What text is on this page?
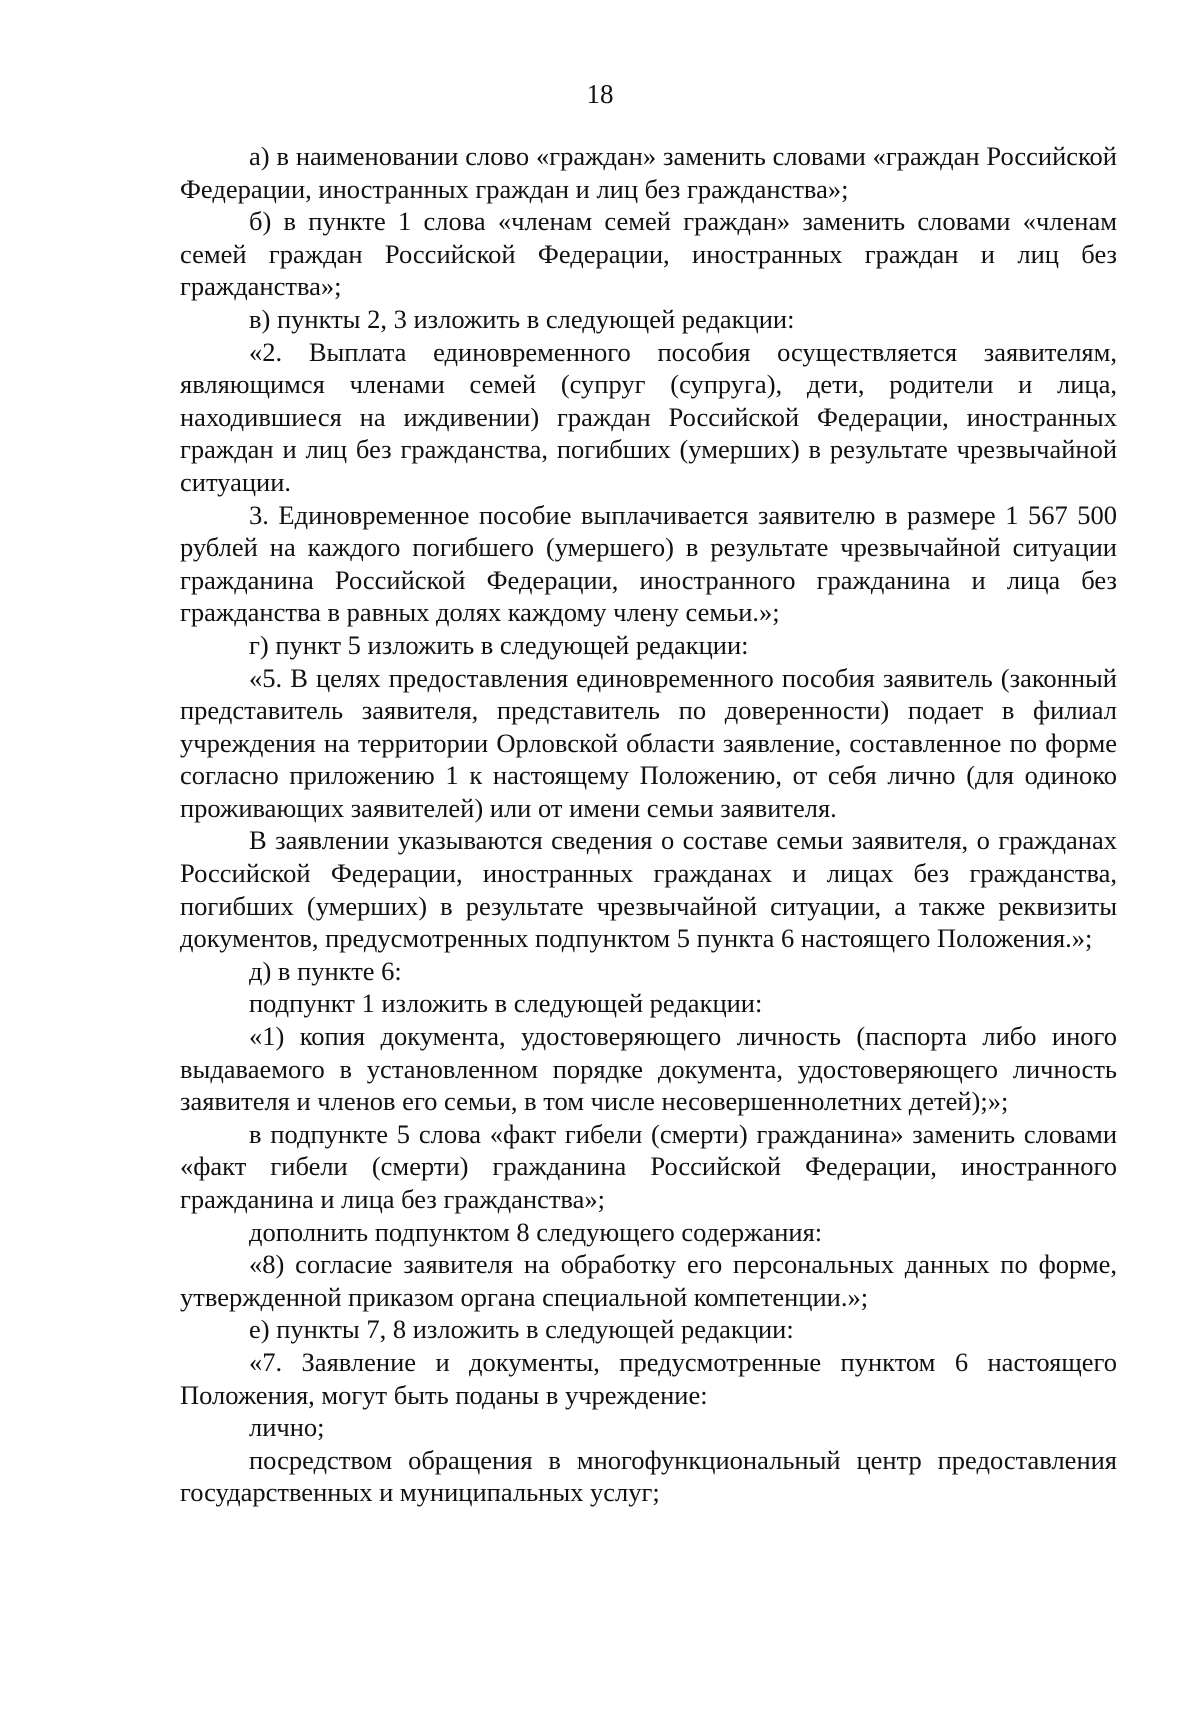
18

а) в наименовании слово «граждан» заменить словами «граждан Российской Федерации, иностранных граждан и лиц без гражданства»;

б) в пункте 1 слова «членам семей граждан» заменить словами «членам семей граждан Российской Федерации, иностранных граждан и лиц без гражданства»;

в) пункты 2, 3 изложить в следующей редакции:

«2. Выплата единовременного пособия осуществляется заявителям, являющимся членами семей (супруг (супруга), дети, родители и лица, находившиеся на иждивении) граждан Российской Федерации, иностранных граждан и лиц без гражданства, погибших (умерших) в результате чрезвычайной ситуации.

3. Единовременное пособие выплачивается заявителю в размере 1 567 500 рублей на каждого погибшего (умершего) в результате чрезвычайной ситуации гражданина Российской Федерации, иностранного гражданина и лица без гражданства в равных долях каждому члену семьи.»;

г) пункт 5 изложить в следующей редакции:

«5. В целях предоставления единовременного пособия заявитель (законный представитель заявителя, представитель по доверенности) подает в филиал учреждения на территории Орловской области заявление, составленное по форме согласно приложению 1 к настоящему Положению, от себя лично (для одиноко проживающих заявителей) или от имени семьи заявителя.

В заявлении указываются сведения о составе семьи заявителя, о гражданах Российской Федерации, иностранных гражданах и лицах без гражданства, погибших (умерших) в результате чрезвычайной ситуации, а также реквизиты документов, предусмотренных подпунктом 5 пункта 6 настоящего Положения.»;

д) в пункте 6:

подпункт 1 изложить в следующей редакции:

«1) копия документа, удостоверяющего личность (паспорта либо иного выдаваемого в установленном порядке документа, удостоверяющего личность заявителя и членов его семьи, в том числе несовершеннолетних детей);»;

в подпункте 5 слова «факт гибели (смерти) гражданина» заменить словами «факт гибели (смерти) гражданина Российской Федерации, иностранного гражданина и лица без гражданства»;

дополнить подпунктом 8 следующего содержания:

«8) согласие заявителя на обработку его персональных данных по форме, утвержденной приказом органа специальной компетенции.»;

е) пункты 7, 8 изложить в следующей редакции:

«7. Заявление и документы, предусмотренные пунктом 6 настоящего Положения, могут быть поданы в учреждение:

лично;

посредством обращения в многофункциональный центр предоставления государственных и муниципальных услуг;
